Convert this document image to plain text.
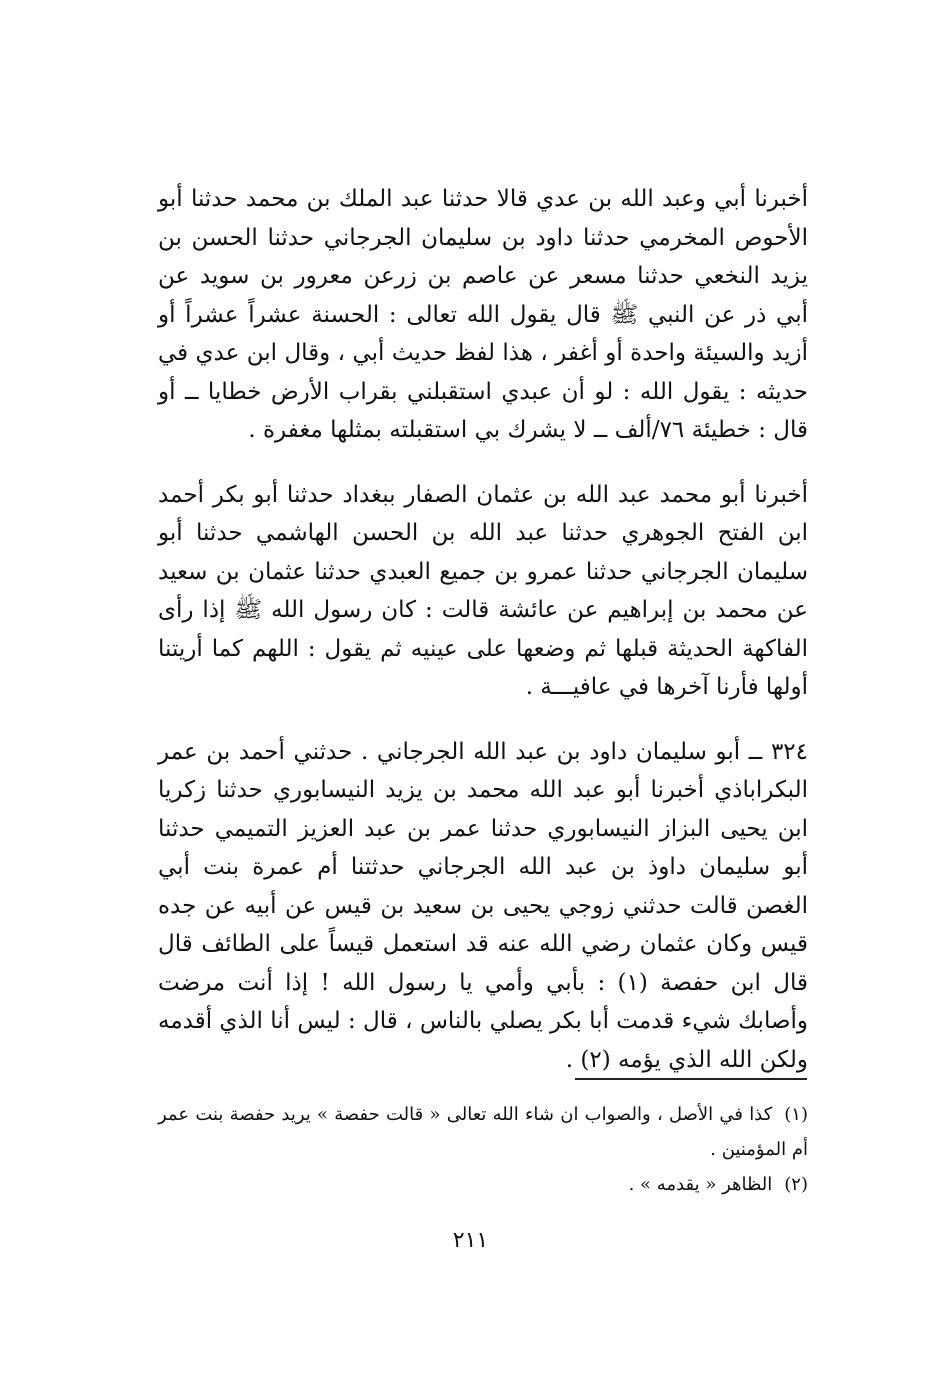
أخبرنا أبي وعبد الله بن عدي قالا حدثنا عبد الملك بن محمد حدثنا أبو الأحوص المخرمي حدثنا داود بن سليمان الجرجاني حدثنا الحسن بن يزيد النخعي حدثنا مسعر عن عاصم بن زرعن معرور بن سويد عن أبي ذر عن النبي ﷺ قال يقول الله تعالى : الحسنة عشراً عشراً أو أزيد والسيئة واحدة أو أغفر ، هذا لفظ حديث أبي ، وقال ابن عدي في حديثه : يقول الله : لو أن عبدي استقبلني بقراب الأرض خطايا ــ أو قال : خطيئة ٧٦/ألف ــ لا يشرك بي استقبلته بمثلها مغفرة .

أخبرنا أبو محمد عبد الله بن عثمان الصفار ببغداد حدثنا أبو بكر أحمد ابن الفتح الجوهري حدثنا عبد الله بن الحسن الهاشمي حدثنا أبو سليمان الجرجاني حدثنا عمرو بن جميع العبدي حدثنا عثمان بن سعيد عن محمد بن إبراهيم عن عائشة قالت : كان رسول الله ﷺ إذا رأى الفاكهة الحديثة قبلها ثم وضعها على عينيه ثم يقول : اللهم كما أريتنا أولها فأرنا آخرها في عافيـــة .

٣٢٤ ــ أبو سليمان داود بن عبد الله الجرجاني . حدثني أحمد بن عمر البكراباذي أخبرنا أبو عبد الله محمد بن يزيد النيسابوري حدثنا زكريا ابن يحيى البزاز النيسابوري حدثنا عمر بن عبد العزيز التميمي حدثنا أبو سليمان داوذ بن عبد الله الجرجاني حدثتنا أم عمرة بنت أبي الغصن قالت حدثني زوجي يحيى بن سعيد بن قيس عن أبيه عن جده قيس وكان عثمان رضي الله عنه قد استعمل قيساً على الطائف قال قال ابن حفصة (١) : بأبي وأمي يا رسول الله ! إذا أنت مرضت وأصابك شيء قدمت أبا بكر يصلي بالناس ، قال : ليس أنا الذي أقدمه ولكن الله الذي يؤمه (٢) .

(١)كذا في الأصل ، والصواب ان شاء الله تعالى « قالت حفصة » يريد حفصة بنت عمر أم المؤمنين .

(٢)الظاهر « يقدمه » .

٢١١
